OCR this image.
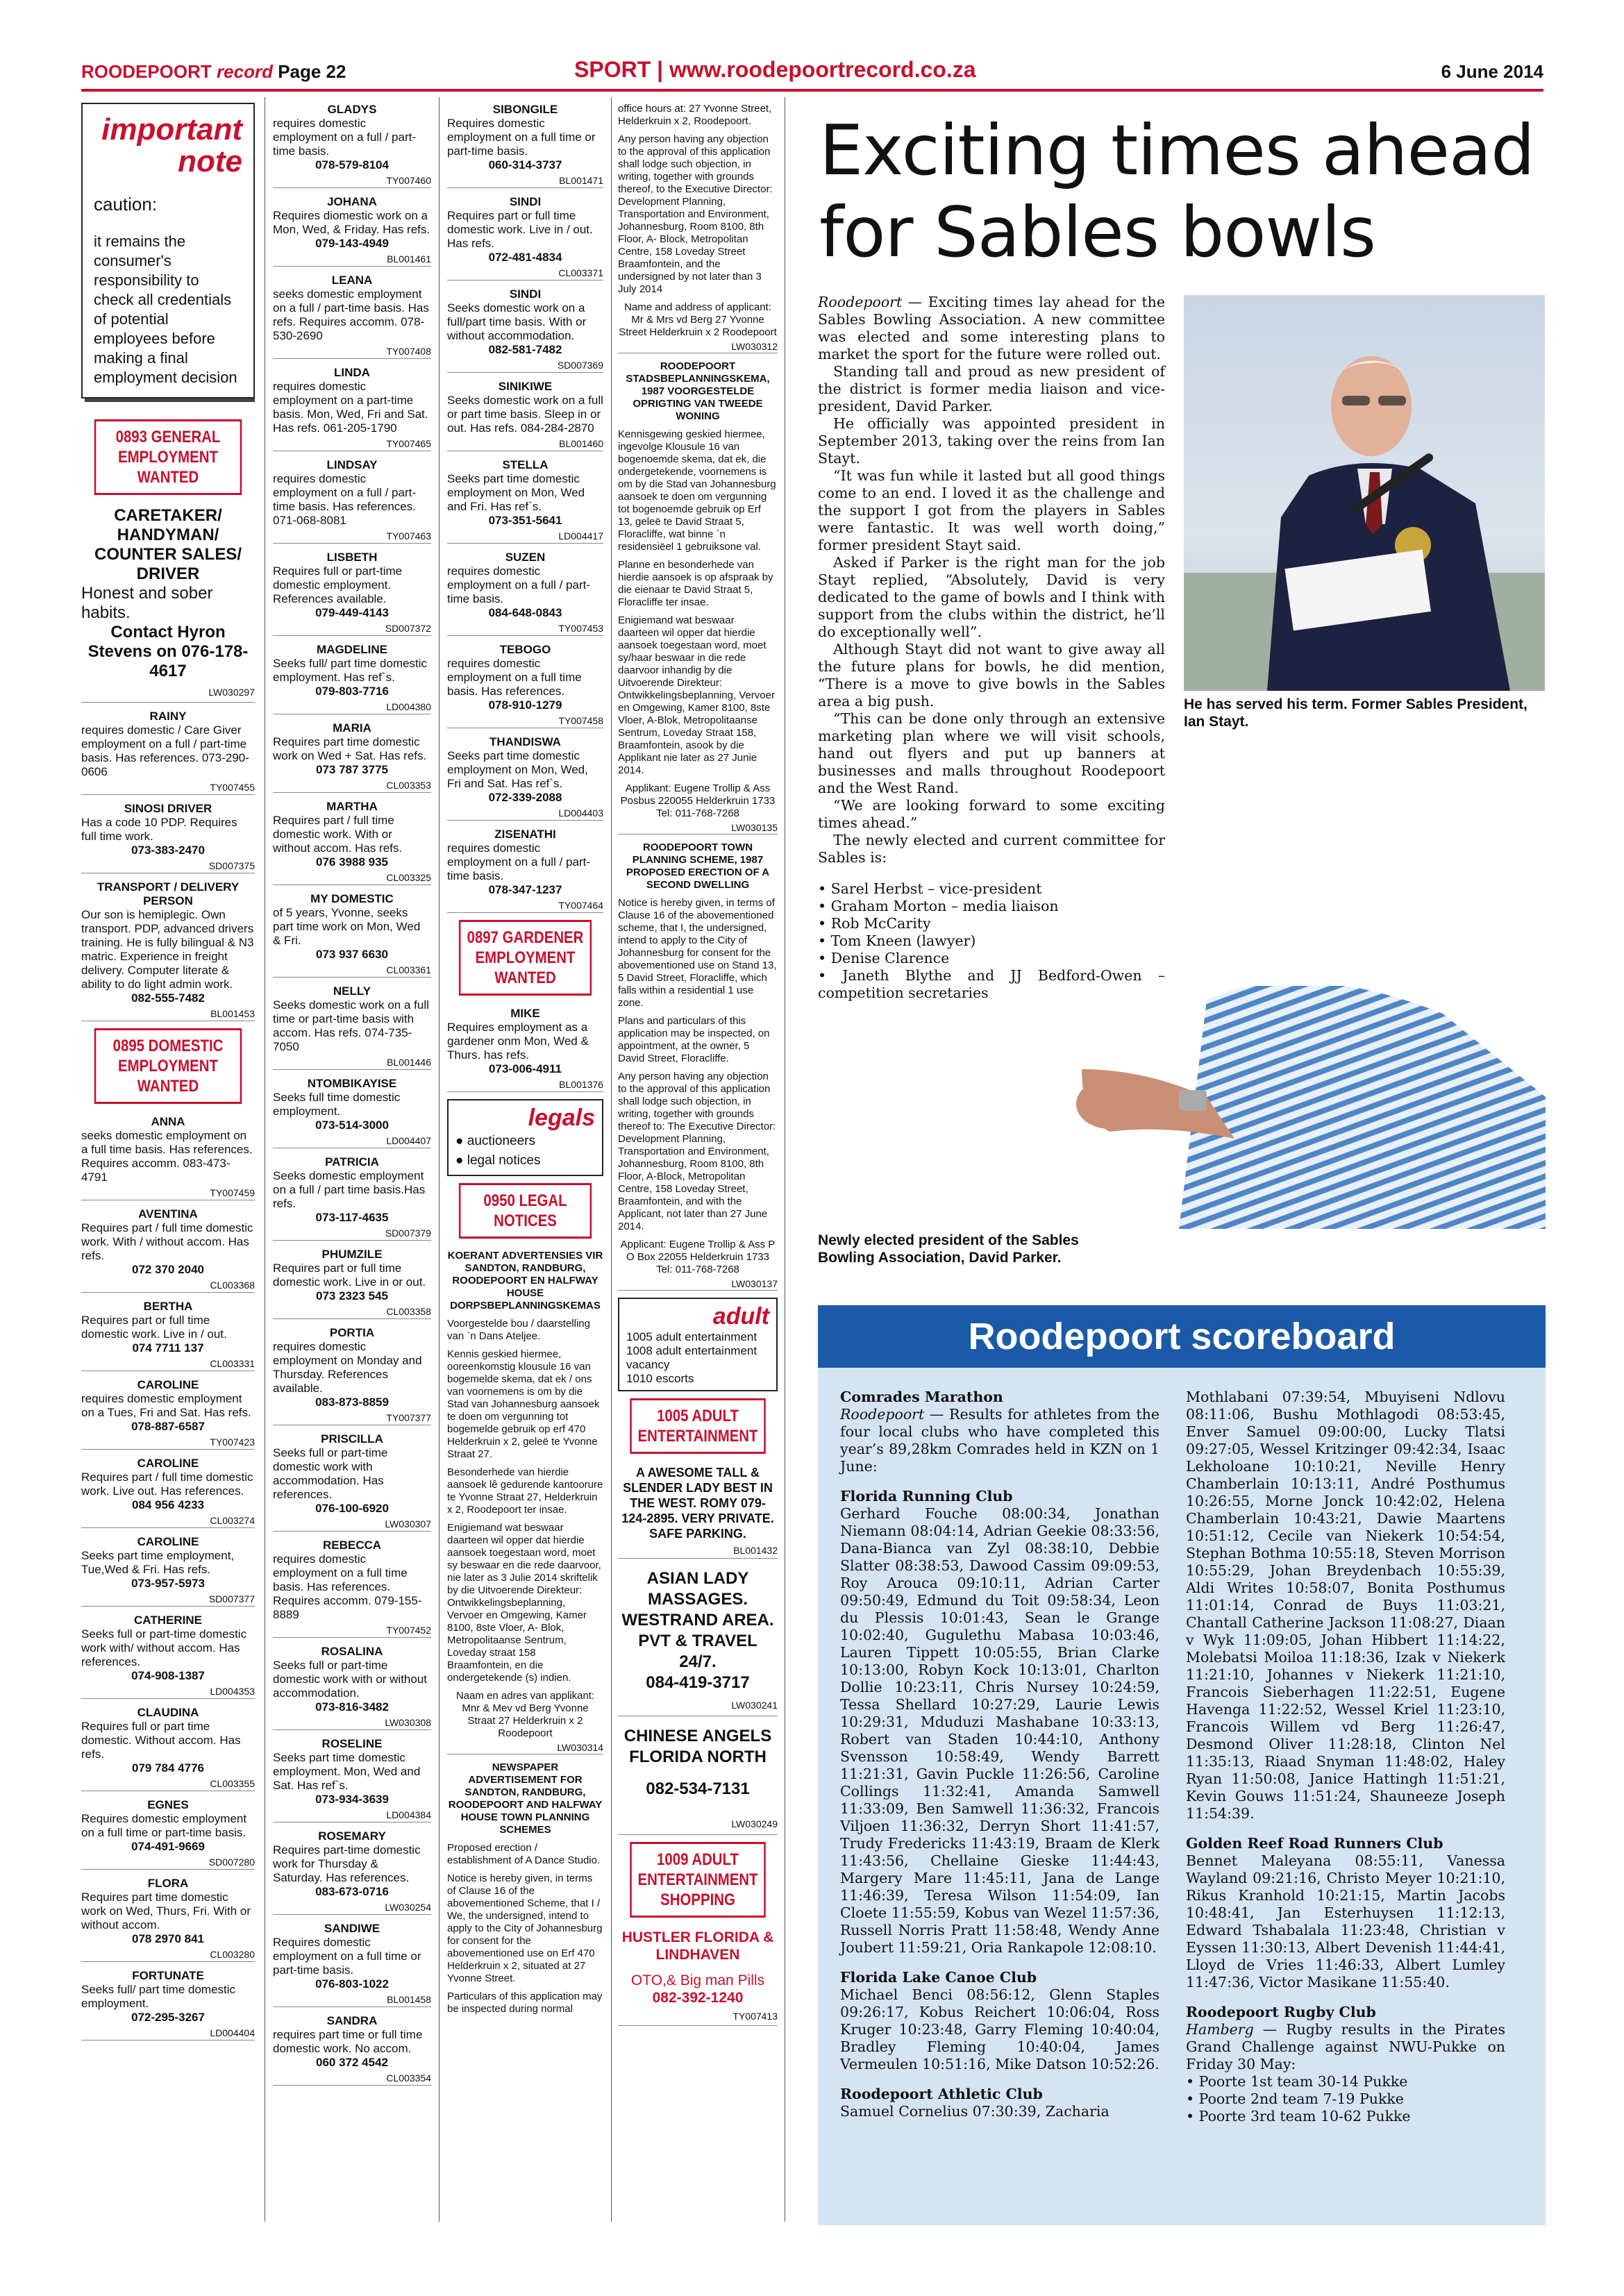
ROODEPOORT record Page 22	SPORT | www.roodepoortrecord.co.za	6 June 2014
important note
caution:
it remains the consumer's responsibility to check all credentials of potential employees before making a final employment decision
0893 GENERAL EMPLOYMENT WANTED
CARETAKER/ HANDYMAN/ COUNTER SALES/ DRIVER
Honest and sober habits.
Contact Hyron Stevens on 076-178-4617
LW030297
RAINY
requires domestic / Care Giver employment on a full / part-time basis. Has references. 073-290-0606
TY007455
SINOSI DRIVER
Has a code 10 PDP. Requires full time work.
073-383-2470
SD007375
TRANSPORT / DELIVERY PERSON
Our son is hemiplegic. Own transport. PDP, advanced drivers training. He is fully bilingual & N3 matric. Experience in freight delivery. Computer literate & ability to do light admin work.
082-555-7482
BL001453
0895 DOMESTIC EMPLOYMENT WANTED
ANNA
seeks domestic employment on a full time basis. Has references. Requires accomm. 083-473-4791
TY007459
AVENTINA
Requires part / full time domestic work. With / without accom. Has refs.
072 370 2040
CL003368
BERTHA
Requires part or full time domestic work. Live in / out.
074 7711 137
CL003331
CAROLINE
requires domestic employment on a Tues, Fri and Sat. Has refs.
078-887-6587
TY007423
CAROLINE
Requires part / full time domestic work. Live out. Has references.
084 956 4233
CL003274
CAROLINE
Seeks part time employment, Tue,Wed & Fri. Has refs.
073-957-5973
SD007377
CATHERINE
Seeks full or part-time domestic work with/ without accom. Has references.
074-908-1387
LD004353
CLAUDINA
Requires full or part time domestic. Without accom. Has refs.
079 784 4776
CL003355
EGNES
Requires domestic employment on a full time or part-time basis.
074-491-9669
SD007280
FLORA
Requires part time domestic work on Wed, Thurs, Fri. With or without accom.
078 2970 841
CL003280
FORTUNATE
Seeks full/ part time domestic employment.
072-295-3267
LD004404
GLADYS
requires domestic employment on a full / part-time basis.
078-579-8104
TY007460
JOHANA
Requires diomestic work on a Mon, Wed, & Friday. Has refs.
079-143-4949
BL001461
LEANA
seeks domestic employment on a full / part-time basis. Has refs. Requires accomm. 078-530-2690
TY007408
LINDA
requires domestic employment on a part-time basis. Mon, Wed, Fri and Sat. Has refs. 061-205-1790
TY007465
LINDSAY
requires domestic employment on a full / part-time basis. Has references. 071-068-8081
TY007463
LISBETH
Requires full or part-time domestic employment. References available.
079-449-4143
SD007372
MAGDELINE
Seeks full/ part time domestic employment. Has ref`s.
079-803-7716
LD004380
MARIA
Requires part time domestic work on Wed + Sat. Has refs.
073 787 3775
CL003353
MARTHA
Requires part / full time domestic work. With or without accom. Has refs.
076 3988 935
CL003325
MY DOMESTIC
of 5 years, Yvonne, seeks part time work on Mon, Wed & Fri.
073 937 6630
CL003361
NELLY
Seeks domestic work on a full time or part-time basis with accom. Has refs. 074-735-7050
BL001446
NTOMBIKAYISE
Seeks full time domestic employment.
073-514-3000
LD004407
PATRICIA
Seeks domestic employment on a full / part time basis.Has refs.
073-117-4635
SD007379
PHUMZILE
Requires part or full time domestic work. Live in or out.
073 2323 545
CL003358
PORTIA
requires domestic employment on Monday and Thursday. References available.
083-873-8859
TY007377
PRISCILLA
Seeks full or part-time domestic work with accommodation. Has references.
076-100-6920
LW030307
REBECCA
requires domestic employment on a full time basis. Has references. Requires accomm. 079-155-8889
TY007452
ROSALINA
Seeks full or part-time domestic work with or without accommodation.
073-816-3482
LW030308
ROSELINE
Seeks part time domestic employment. Mon, Wed and Sat. Has ref`s.
073-934-3639
LD004384
ROSEMARY
Requires part-time domestic work for Thursday & Saturday. Has references.
083-673-0716
LW030254
SANDIWE
Requires domestic employment on a full time or part-time basis.
076-803-1022
BL001458
SANDRA
requires part time or full time domestic work. No accom.
060 372 4542
CL003354
SIBONGILE
Requires domestic employment on a full time or part-time basis.
060-314-3737
BL001471
SINDI
Requires part or full time domestic work. Live in / out. Has refs.
072-481-4834
CL003371
SINDI
Seeks domestic work on a full/part time basis. With or without accommodation.
082-581-7482
SD007369
SINIKIWE
Seeks domestic work on a full or part time basis. Sleep in or out. Has refs. 084-284-2870
BL001460
STELLA
Seeks part time domestic employment on Mon, Wed and Fri. Has ref`s.
073-351-5641
LD004417
SUZEN
requires domestic employment on a full / part-time basis.
084-648-0843
TY007453
TEBOGO
requires domestic employment on a full time basis. Has references.
078-910-1279
TY007458
THANDISWA
Seeks part time domestic employment on Mon, Wed, Fri and Sat. Has ref`s.
072-339-2088
LD004403
ZISENATHI
requires domestic employment on a full / part-time basis.
078-347-1237
TY007464
0897 GARDENER EMPLOYMENT WANTED
MIKE
Requires employment as a gardener onm Mon, Wed & Thurs. has refs.
073-006-4911
BL001376
legals
● auctioneers
● legal notices
0950 LEGAL NOTICES
KOERANT ADVERTENSIES VIR SANDTON, RANDBURG, ROODEPOORT EN HALFWAY HOUSE DORPSBEPLANNINGSKEMAS
Voorgestelde bou / daarstelling van `n Dans Ateljee.
Kennis geskied hiermee, ooreenkomstig klousule 16 van bogemelde skema, dat ek / ons van voornemens is om by die Stad van Johannesburg aansoek te doen om vergunning tot bogemelde gebruik op erf 470 Helderkruin x 2, geleë te Yvonne Straat 27.
Besonderhede van hierdie aansoek lê gedurende kantoorure te Yvonne Straat 27, Helderkruin x 2, Roodepoort ter insae.
Enigiemand wat beswaar daarteen wil opper dat hierdie aansoek toegestaan word, moet sy beswaar en die rede daarvoor, nie later as 3 Julie 2014 skriftelik by die Uitvoerende Direkteur: Ontwikkelingsbeplanning, Vervoer en Omgewing, Kamer 8100, 8ste Vloer, A- Blok, Metropolitaanse Sentrum, Loveday straat 158 Braamfontein, en die ondergetekende (s) indien.
Naam en adres van applikant: Mnr & Mev vd Berg Yvonne Straat 27 Helderkruin x 2 Roodepoort
LW030314
NEWSPAPER ADVERTISEMENT FOR SANDTON, RANDBURG, ROODEPOORT AND HALFWAY HOUSE TOWN PLANNING SCHEMES
Proposed erection / establishment of A Dance Studio.
Notice is hereby given, in terms of Clause 16 of the abovementioned Scheme, that I / We, the undersigned, intend to apply to the City of Johannesburg for consent for the abovementioned use on Erf 470 Helderkruin x 2, situated at 27 Yvonne Street.
Particulars of this application may be inspected during normal
office hours at: 27 Yvonne Street, Helderkruin x 2, Roodepoort.
Any person having any objection to the approval of this application shall lodge such objection, in writing, together with grounds thereof, to the Executive Director: Development Planning, Transportation and Environment, Johannesburg, Room 8100, 8th Floor, A- Block, Metropolitan Centre, 158 Loveday Street Braamfontein, and the undersigned by not later than 3 July 2014
Name and address of applicant: Mr & Mrs vd Berg 27 Yvonne Street Helderkruin x 2 Roodepoort
LW030312
ROODEPOORT STADSBEPLANNINGSKEMA, 1987 VOORGESTELDE OPRIGTING VAN TWEEDE WONING
Kennisgewing geskied hiermee, ingevolge Klousule 16 van bogenoemde skema, dat ek, die ondergetekende, voornemens is om by die Stad van Johannesburg aansoek te doen om vergunning tot bogenoemde gebruik op Erf 13, geleë te David Straat 5, Floracliffe, wat binne `n residensiëel 1 gebruiksone val.
Planne en besonderhede van hierdie aansoek is op afspraak by die eienaar te David Straat 5, Floracliffe ter insae.
Enigiemand wat beswaar daarteen wil opper dat hierdie aansoek toegestaan word, moet sy/haar beswaar in die rede daarvoor inhandig by die Uitvoerende Direkteur: Ontwikkelingsbeplanning, Vervoer en Omgewing, Kamer 8100, 8ste Vloer, A-Blok, Metropolitaanse Sentrum, Loveday Straat 158, Braamfontein, asook by die Applikant nie later as 27 Junie 2014.
Applikant: Eugene Trollip & Ass Posbus 220055 Helderkruin 1733 Tel: 011-768-7268
LW030135
ROODEPOORT TOWN PLANNING SCHEME, 1987 PROPOSED ERECTION OF A SECOND DWELLING
Notice is hereby given, in terms of Clause 16 of the abovementioned scheme, that I, the undersigned, intend to apply to the City of Johannesburg for consent for the abovementioned use on Stand 13, 5 David Street, Floracliffe, which falls within a residential 1 use zone.
Plans and particulars of this application may be inspected, on appointment, at the owner, 5 David Street, Floracliffe.
Any person having any objection to the approval of this application shall lodge such objection, in writing, together with grounds thereof to: The Executive Director: Development Planning, Transportation and Environment, Johannesburg, Room 8100, 8th Floor, A-Block, Metropolitan Centre, 158 Loveday Street, Braamfontein, and with the Applicant, not later than 27 June 2014.
Applicant: Eugene Trollip & Ass P O Box 22055 Helderkruin 1733 Tel: 011-768-7268
LW030137
adult
1005 adult entertainment
1008 adult entertainment vacancy
1010 escorts
1005 ADULT ENTERTAINMENT
A AWESOME TALL & SLENDER LADY BEST IN THE WEST. ROMY 079-124-2895. VERY PRIVATE. SAFE PARKING.
BL001432
ASIAN LADY MASSAGES.
WESTRAND AREA.
PVT & TRAVEL 24/7.
084-419-3717
LW030241
CHINESE ANGELS FLORIDA NORTH
082-534-7131
LW030249
1009 ADULT ENTERTAINMENT SHOPPING
HUSTLER FLORIDA & LINDHAVEN
OTO,& Big man Pills
082-392-1240
TY007413
Exciting times ahead for Sables bowls

Roodepoort — Exciting times lay ahead for the Sables Bowling Association. A new committee was elected and some interesting plans to market the sport for the future were rolled out.

Standing tall and proud as new president of the district is former media liaison and vice-president, David Parker.

He officially was appointed president in September 2013, taking over the reins from Ian Stayt.

“It was fun while it lasted but all good things come to an end. I loved it as the challenge and the support I got from the players in Sables were fantastic. It was well worth doing,” former president Stayt said.

Asked if Parker is the right man for the job Stayt replied, “Absolutely, David is very dedicated to the game of bowls and I think with support from the clubs within the district, he’ll do exceptionally well”.

Although Stayt did not want to give away all the future plans for bowls, he did mention, “There is a move to give bowls in the Sables area a big push.

“This can be done only through an extensive marketing plan where we will visit schools, hand out flyers and put up banners at businesses and malls throughout Roodepoort and the West Rand.

“We are looking forward to some exciting times ahead.”

The newly elected and current committee for Sables is:

• Sarel Herbst – vice-president
• Graham Morton – media liaison
• Rob McCarity
• Tom Kneen (lawyer)
• Denise Clarence
• Janeth Blythe and JJ Bedford-Owen – competition secretaries
He has served his term. Former Sables President, Ian Stayt.
Newly elected president of the Sables Bowling Association, David Parker.
Roodepoort scoreboard
Comrades Marathon

Roodepoort — Results for athletes from the four local clubs who have completed this year’s 89,28km Comrades held in KZN on 1 June:

Florida Running Club

Gerhard Fouche 08:00:34, Jonathan Niemann 08:04:14, Adrian Geekie 08:33:56, Dana-Bianca van Zyl 08:38:10, Debbie Slatter 08:38:53, Dawood Cassim 09:09:53, Roy Arouca 09:10:11, Adrian Carter 09:50:49, Edmund du Toit 09:58:34, Leon du Plessis 10:01:43, Sean le Grange 10:02:40, Gugulethu Mabasa 10:03:46, Lauren Tippett 10:05:55, Brian Clarke 10:13:00, Robyn Kock 10:13:01, Charlton Dollie 10:23:11, Chris Nursey 10:24:59, Tessa Shellard 10:27:29, Laurie Lewis 10:29:31, Mduduzi Mashabane 10:33:13, Robert van Staden 10:44:10, Anthony Svensson 10:58:49, Wendy Barrett 11:21:31, Gavin Puckle 11:26:56, Caroline Collings 11:32:41, Amanda Samwell 11:33:09, Ben Samwell 11:36:32, Francois Viljoen 11:36:32, Derryn Short 11:41:57, Trudy Fredericks 11:43:19, Braam de Klerk 11:43:56, Chellaine Gieske 11:44:43, Margery Mare 11:45:11, Jana de Lange 11:46:39, Teresa Wilson 11:54:09, Ian Cloete 11:55:59, Kobus van Wezel 11:57:36, Russell Norris Pratt 11:58:48, Wendy Anne Joubert 11:59:21, Oria Rankapole 12:08:10.

Florida Lake Canoe Club

Michael Benci 08:56:12, Glenn Staples 09:26:17, Kobus Reichert 10:06:04, Ross Kruger 10:23:48, Garry Fleming 10:40:04, Bradley Fleming 10:40:04, James Vermeulen 10:51:16, Mike Datson 10:52:26.

Roodepoort Athletic Club

Samuel Cornelius 07:30:39, Zacharia

Mothlabani 07:39:54, Mbuyiseni Ndlovu 08:11:06, Bushu Mothlagodi 08:53:45, Enver Samuel 09:00:00, Lucky Tlatsi 09:27:05, Wessel Kritzinger 09:42:34, Isaac Lekholoane 10:10:21, Neville Henry Chamberlain 10:13:11, André Posthumus 10:26:55, Morne Jonck 10:42:02, Helena Chamberlain 10:43:21, Dawie Maartens 10:51:12, Cecile van Niekerk 10:54:54, Stephan Bothma 10:55:18, Steven Morrison 10:55:29, Johan Breydenbach 10:55:39, Aldi Writes 10:58:07, Bonita Posthumus 11:01:14, Conrad de Buys 11:03:21, Chantall Catherine Jackson 11:08:27, Diaan v Wyk 11:09:05, Johan Hibbert 11:14:22, Molebatsi Moiloa 11:18:36, Izak v Niekerk 11:21:10, Johannes v Niekerk 11:21:10, Francois Sieberhagen 11:22:51, Eugene Havenga 11:22:52, Wessel Kriel 11:23:10, Francois Willem vd Berg 11:26:47, Desmond Oliver 11:28:18, Clinton Nel 11:35:13, Riaad Snyman 11:48:02, Haley Ryan 11:50:08, Janice Hattingh 11:51:21, Kevin Gouws 11:51:24, Shauneeze Joseph 11:54:39.

Golden Reef Road Runners Club

Bennet Maleyana 08:55:11, Vanessa Wayland 09:21:16, Christo Meyer 10:21:10, Rikus Kranhold 10:21:15, Martin Jacobs 10:48:41, Jan Esterhuysen 11:12:13, Edward Tshabalala 11:23:48, Christian v Eyssen 11:30:13, Albert Devenish 11:44:41, Lloyd de Vries 11:46:33, Albert Lumley 11:47:36, Victor Masikane 11:55:40.

Roodepoort Rugby Club

Hamberg — Rugby results in the Pirates Grand Challenge against NWU-Pukke on Friday 30 May:

• Poorte 1st team 30-14 Pukke

• Poorte 2nd team 7-19 Pukke

• Poorte 3rd team 10-62 Pukke
